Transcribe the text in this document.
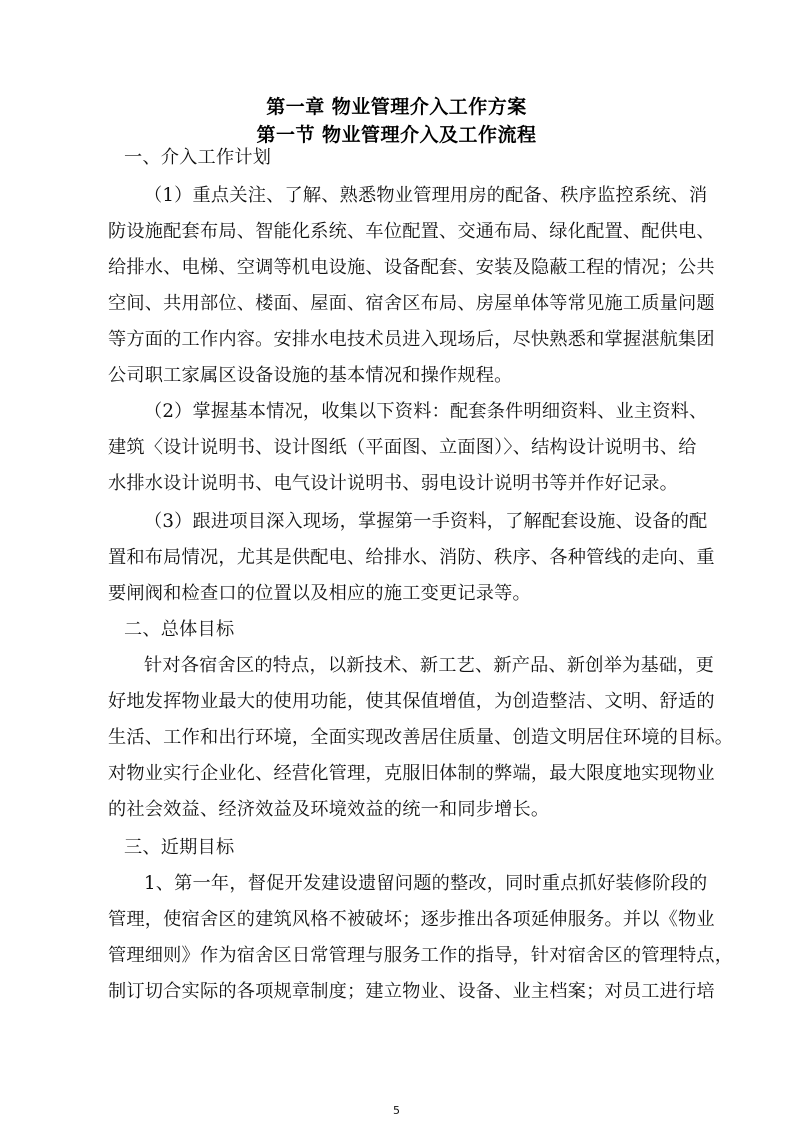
第一章 物业管理介入工作方案
第一节 物业管理介入及工作流程
一、介入工作计划
（1）重点关注、了解、熟悉物业管理用房的配备、秩序监控系统、消
防设施配套布局、智能化系统、车位配置、交通布局、绿化配置、配供电、
给排水、电梯、空调等机电设施、设备配套、安装及隐蔽工程的情况；公共
空间、共用部位、楼面、屋面、宿舍区布局、房屋单体等常见施工质量问题
等方面的工作内容。安排水电技术员进入现场后，尽快熟悉和掌握湛航集团
公司职工家属区设备设施的基本情况和操作规程。
（2）掌握基本情况，收集以下资料：配套条件明细资料、业主资料、
建筑〈设计说明书、设计图纸（平面图、立面图）〉、结构设计说明书、给
水排水设计说明书、电气设计说明书、弱电设计说明书等并作好记录。
（3）跟进项目深入现场，掌握第一手资料，了解配套设施、设备的配
置和布局情况，尤其是供配电、给排水、消防、秩序、各种管线的走向、重
要闸阀和检查口的位置以及相应的施工变更记录等。
二、总体目标
针对各宿舍区的特点，以新技术、新工艺、新产品、新创举为基础，更
好地发挥物业最大的使用功能，使其保值增值，为创造整洁、文明、舒适的
生活、工作和出行环境，全面实现改善居住质量、创造文明居住环境的目标。
对物业实行企业化、经营化管理，克服旧体制的弊端，最大限度地实现物业
的社会效益、经济效益及环境效益的统一和同步增长。
三、近期目标
1、第一年，督促开发建设遗留问题的整改，同时重点抓好装修阶段的
管理，使宿舍区的建筑风格不被破坏；逐步推出各项延伸服务。并以《物业
管理细则》作为宿舍区日常管理与服务工作的指导，针对宿舍区的管理特点，
制订切合实际的各项规章制度；建立物业、设备、业主档案；对员工进行培
5
